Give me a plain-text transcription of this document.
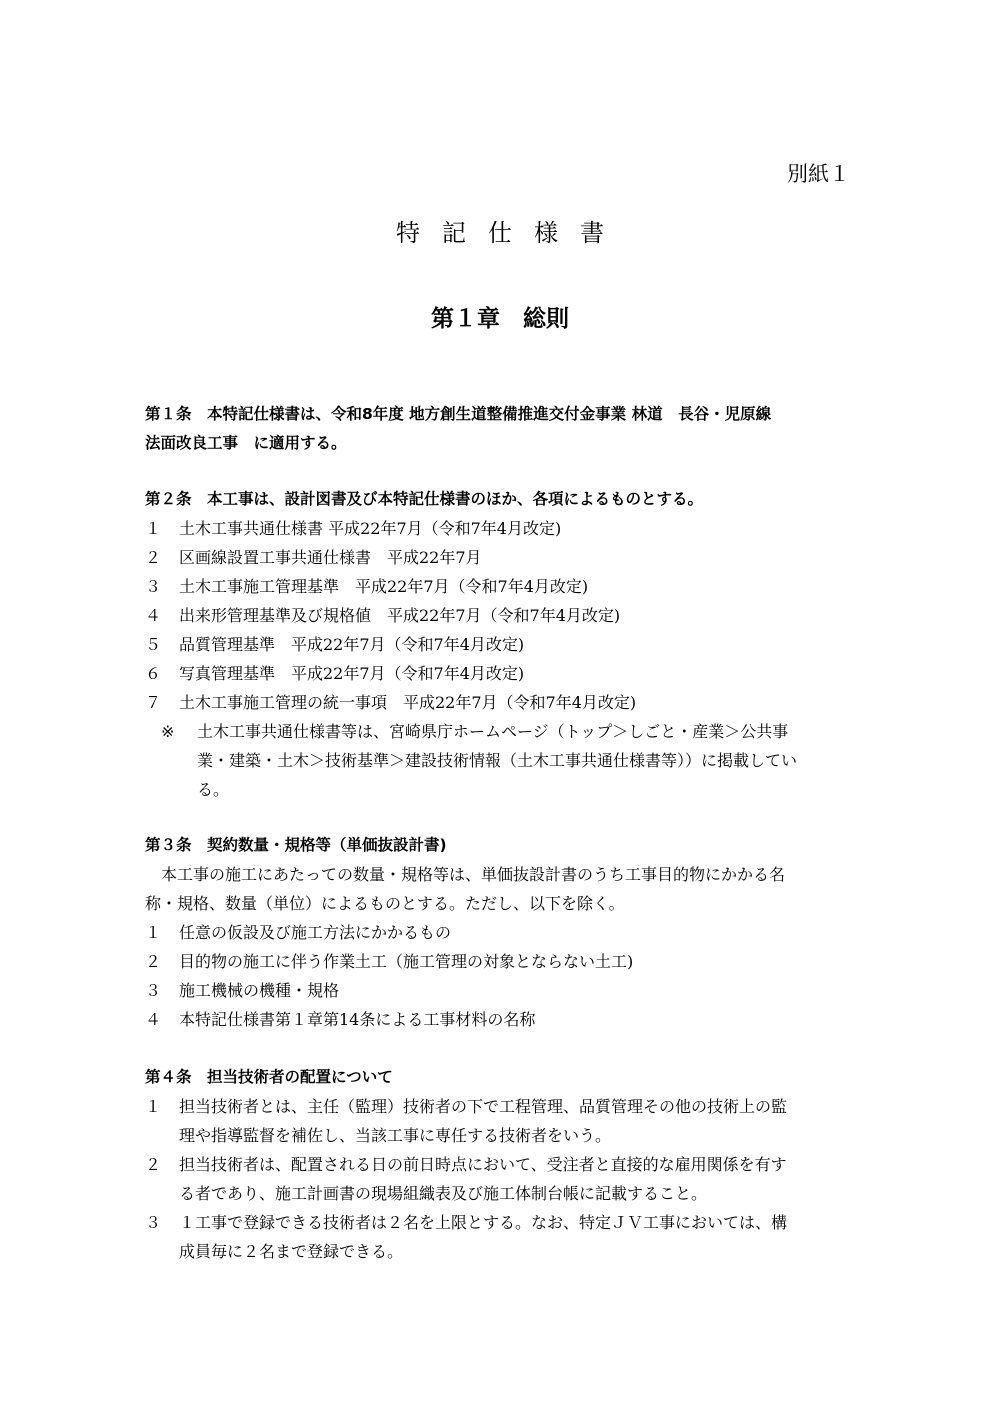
別紙１
特記仕様書
第１章　総則
第１条　本特記仕様書は、令和8年度 地方創生道整備推進交付金事業 林道　長谷・児原線
法面改良工事　に適用する。
第２条　本工事は、設計図書及び本特記仕様書のほか、各項によるものとする。
１	土木工事共通仕様書 平成22年7月（令和7年4月改定)
２	区画線設置工事共通仕様書　平成22年7月
３	土木工事施工管理基準　平成22年7月（令和7年4月改定)
４	出来形管理基準及び規格値　平成22年7月（令和7年4月改定)
５	品質管理基準　平成22年7月（令和7年4月改定)
６	写真管理基準　平成22年7月（令和7年4月改定)
７	土木工事施工管理の統一事項　平成22年7月（令和7年4月改定)
※	土木工事共通仕様書等は、宮崎県庁ホームページ（トップ＞しごと・産業＞公共事
業・建築・土木＞技術基準＞建設技術情報（土木工事共通仕様書等））に掲載してい
る。
第３条　契約数量・規格等（単価抜設計書)
　本工事の施工にあたっての数量・規格等は、単価抜設計書のうち工事目的物にかかる名
称・規格、数量（単位）によるものとする。ただし、以下を除く。
１	任意の仮設及び施工方法にかかるもの
２	目的物の施工に伴う作業土工（施工管理の対象とならない土工)
３	施工機械の機種・規格
４	本特記仕様書第１章第14条による工事材料の名称
第４条　担当技術者の配置について
１	担当技術者とは、主任（監理）技術者の下で工程管理、品質管理その他の技術上の監
理や指導監督を補佐し、当該工事に専任する技術者をいう。
２	担当技術者は、配置される日の前日時点において、受注者と直接的な雇用関係を有す
る者であり、施工計画書の現場組織表及び施工体制台帳に記載すること。
３	１工事で登録できる技術者は２名を上限とする。なお、特定ＪＶ工事においては、構
成員毎に２名まで登録できる。
